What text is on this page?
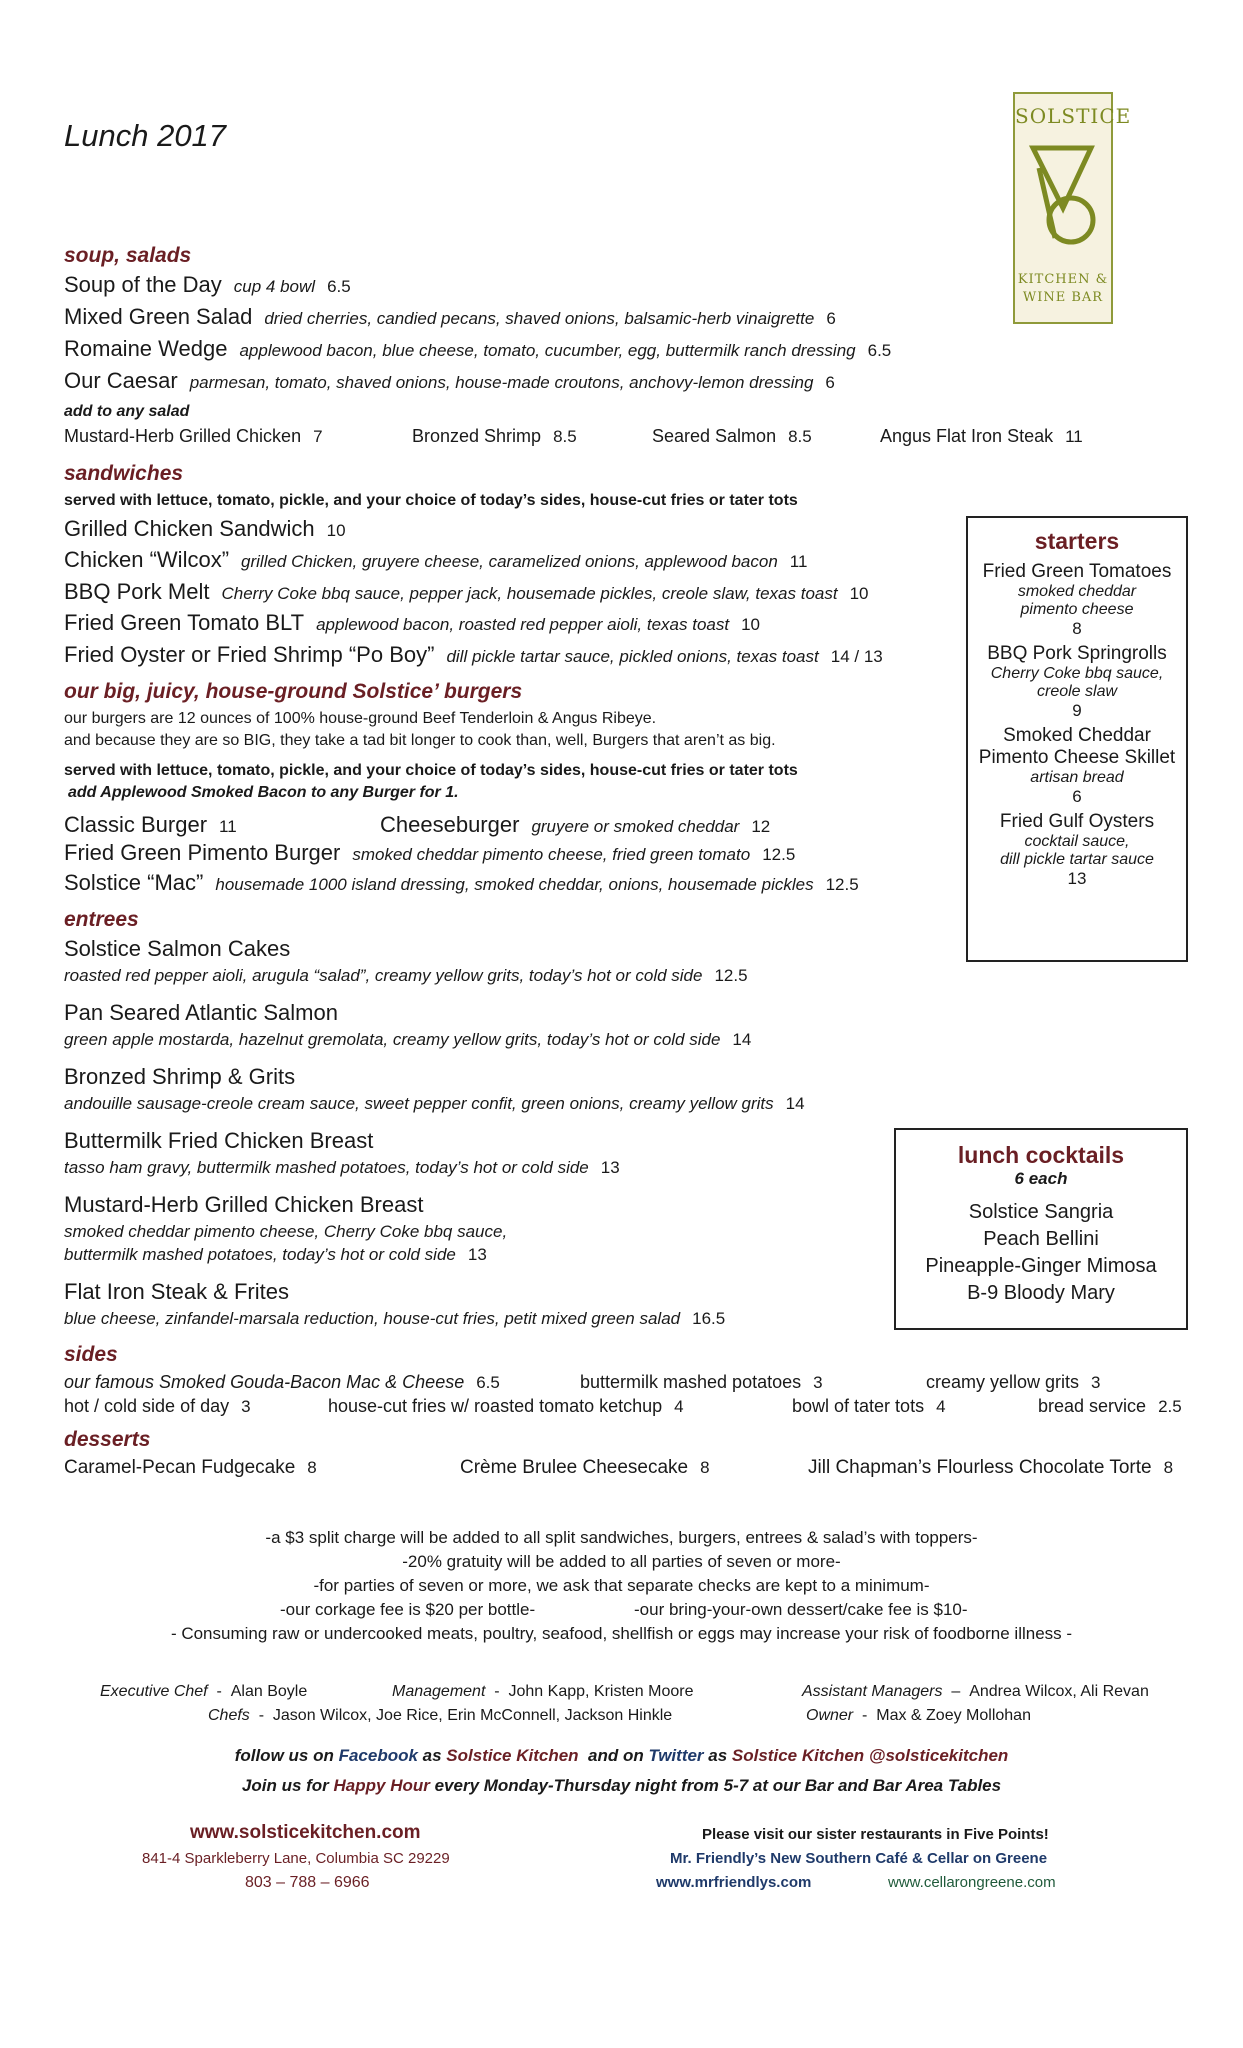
Lunch 2017
SOLSTICE
KITCHEN &
WINE BAR
soup, salads
Soup of the Day cup 4 bowl 6.5
Mixed Green Salad dried cherries, candied pecans, shaved onions, balsamic-herb vinaigrette 6
Romaine Wedge applewood bacon, blue cheese, tomato, cucumber, egg, buttermilk ranch dressing 6.5
Our Caesar parmesan, tomato, shaved onions, house-made croutons, anchovy-lemon dressing 6
add to any salad
Mustard-Herb Grilled Chicken 7	Bronzed Shrimp 8.5	Seared Salmon 8.5	Angus Flat Iron Steak 11
sandwiches
served with lettuce, tomato, pickle, and your choice of today’s sides, house-cut fries or tater tots
Grilled Chicken Sandwich 10
Chicken “Wilcox” grilled Chicken, gruyere cheese, caramelized onions, applewood bacon 11
BBQ Pork Melt Cherry Coke bbq sauce, pepper jack, housemade pickles, creole slaw, texas toast 10
Fried Green Tomato BLT applewood bacon, roasted red pepper aioli, texas toast 10
Fried Oyster or Fried Shrimp “Po Boy” dill pickle tartar sauce, pickled onions, texas toast 14 / 13
our big, juicy, house-ground Solstice’ burgers
our burgers are 12 ounces of 100% house-ground Beef Tenderloin & Angus Ribeye.
and because they are so BIG, they take a tad bit longer to cook than, well, Burgers that aren’t as big.
served with lettuce, tomato, pickle, and your choice of today’s sides, house-cut fries or tater tots
add Applewood Smoked Bacon to any Burger for 1.
Classic Burger 11	Cheeseburger gruyere or smoked cheddar 12
Fried Green Pimento Burger smoked cheddar pimento cheese, fried green tomato 12.5
Solstice “Mac” housemade 1000 island dressing, smoked cheddar, onions, housemade pickles 12.5
entrees
Solstice Salmon Cakes
roasted red pepper aioli, arugula “salad”, creamy yellow grits, today’s hot or cold side 12.5
Pan Seared Atlantic Salmon
green apple mostarda, hazelnut gremolata, creamy yellow grits, today’s hot or cold side 14
Bronzed Shrimp & Grits
andouille sausage-creole cream sauce, sweet pepper confit, green onions, creamy yellow grits 14
Buttermilk Fried Chicken Breast
tasso ham gravy, buttermilk mashed potatoes, today’s hot or cold side 13
Mustard-Herb Grilled Chicken Breast
smoked cheddar pimento cheese, Cherry Coke bbq sauce,
buttermilk mashed potatoes, today’s hot or cold side 13
Flat Iron Steak & Frites
blue cheese, zinfandel-marsala reduction, house-cut fries, petit mixed green salad 16.5
sides
our famous Smoked Gouda-Bacon Mac & Cheese 6.5	buttermilk mashed potatoes 3	creamy yellow grits 3
hot / cold side of day 3	house-cut fries w/ roasted tomato ketchup 4	bowl of tater tots 4	bread service 2.5
desserts
Caramel-Pecan Fudgecake 8	Crème Brulee Cheesecake 8	Jill Chapman’s Flourless Chocolate Torte 8
starters
Fried Green Tomatoes
smoked cheddar
pimento cheese
8
BBQ Pork Springrolls
Cherry Coke bbq sauce,
creole slaw
9
Smoked Cheddar
Pimento Cheese Skillet
artisan bread
6
Fried Gulf Oysters
cocktail sauce,
dill pickle tartar sauce
13
lunch cocktails
6 each
Solstice Sangria
Peach Bellini
Pineapple-Ginger Mimosa
B-9 Bloody Mary
-a $3 split charge will be added to all split sandwiches, burgers, entrees & salad’s with toppers-
-20% gratuity will be added to all parties of seven or more-
-for parties of seven or more, we ask that separate checks are kept to a minimum-
-our corkage fee is $20 per bottle-	-our bring-your-own dessert/cake fee is $10-
- Consuming raw or undercooked meats, poultry, seafood, shellfish or eggs may increase your risk of foodborne illness -
Executive Chef  -  Alan Boyle	Management  -  John Kapp, Kristen Moore	Assistant Managers  –  Andrea Wilcox, Ali Revan
Chefs  -  Jason Wilcox, Joe Rice, Erin McConnell, Jackson Hinkle	Owner  -  Max & Zoey Mollohan
follow us on Facebook as Solstice Kitchen  and on Twitter as Solstice Kitchen @solsticekitchen
Join us for Happy Hour every Monday-Thursday night from 5-7 at our Bar and Bar Area Tables
www.solsticekitchen.com
841-4 Sparkleberry Lane, Columbia SC 29229
803 – 788 – 6966
Please visit our sister restaurants in Five Points!
Mr. Friendly’s New Southern Café & Cellar on Greene
www.mrfriendlys.com	www.cellarongreene.com
